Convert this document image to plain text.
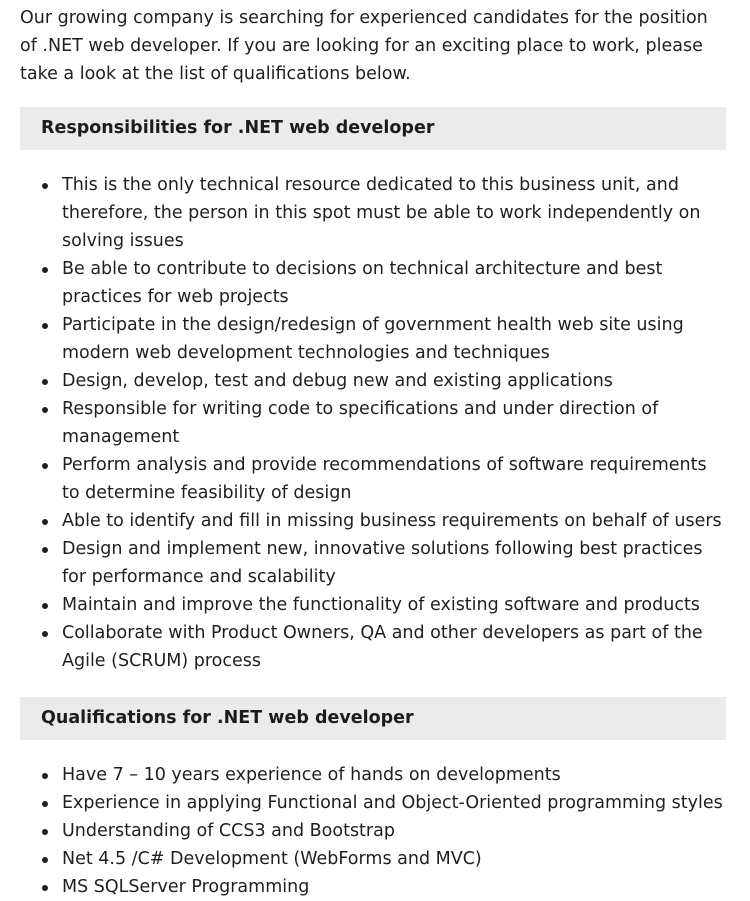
Our growing company is searching for experienced candidates for the position of .NET web developer. If you are looking for an exciting place to work, please take a look at the list of qualifications below.

Responsibilities for .NET web developer
This is the only technical resource dedicated to this business unit, and therefore, the person in this spot must be able to work independently on solving issues
Be able to contribute to decisions on technical architecture and best practices for web projects
Participate in the design/redesign of government health web site using modern web development technologies and techniques
Design, develop, test and debug new and existing applications
Responsible for writing code to specifications and under direction of management
Perform analysis and provide recommendations of software requirements to determine feasibility of design
Able to identify and fill in missing business requirements on behalf of users
Design and implement new, innovative solutions following best practices for performance and scalability
Maintain and improve the functionality of existing software and products
Collaborate with Product Owners, QA and other developers as part of the Agile (SCRUM) process
Qualifications for .NET web developer
Have 7 – 10 years experience of hands on developments
Experience in applying Functional and Object-Oriented programming styles
Understanding of CCS3 and Bootstrap
Net 4.5 /C# Development (WebForms and MVC)
MS SQLServer Programming
